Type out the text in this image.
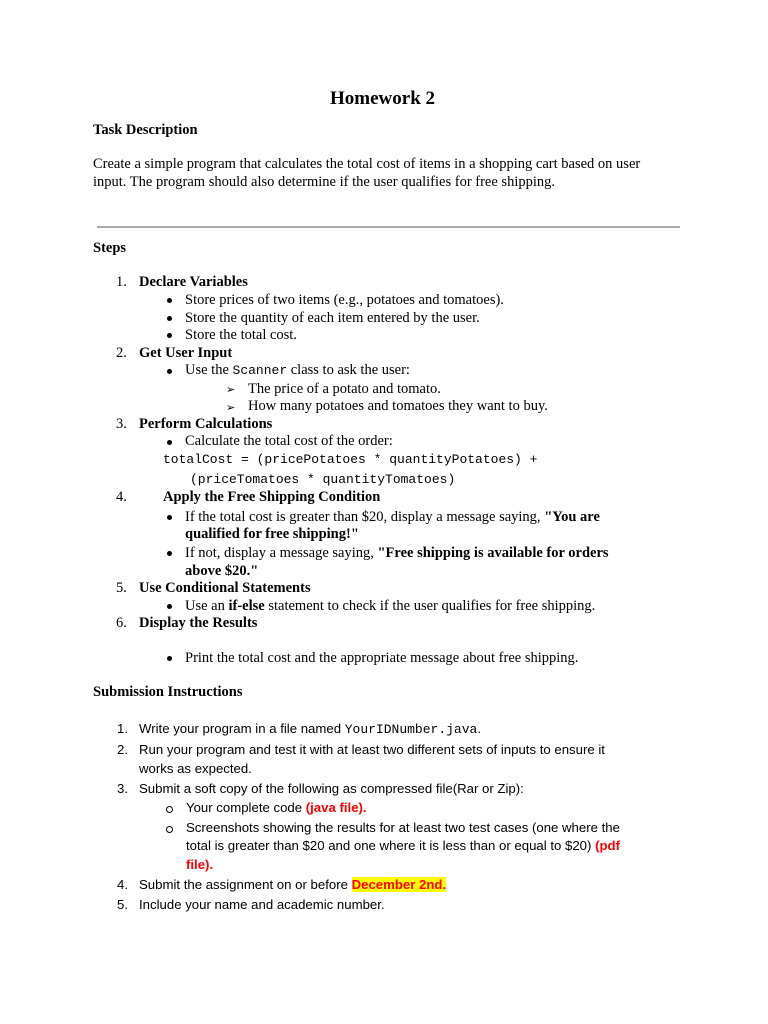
Homework 2
Task Description
Create a simple program that calculates the total cost of items in a shopping cart based on user
input. The program should also determine if the user qualifies for free shipping.
Steps
1. Declare Variables
Store prices of two items (e.g., potatoes and tomatoes).
Store the quantity of each item entered by the user.
Store the total cost.
2. Get User Input
Use the Scanner class to ask the user:
➢ The price of a potato and tomato.
➢ How many potatoes and tomatoes they want to buy.
3. Perform Calculations
Calculate the total cost of the order:
totalCost = (pricePotatoes * quantityPotatoes) +
(priceTomatoes * quantityTomatoes)
4. Apply the Free Shipping Condition
If the total cost is greater than $20, display a message saying, "You are
qualified for free shipping!"
If not, display a message saying, "Free shipping is available for orders
above $20."
5. Use Conditional Statements
Use an if-else statement to check if the user qualifies for free shipping.
6. Display the Results
Print the total cost and the appropriate message about free shipping.
Submission Instructions
1. Write your program in a file named YourIDNumber.java.
2. Run your program and test it with at least two different sets of inputs to ensure it
works as expected.
3. Submit a soft copy of the following as compressed file(Rar or Zip):
Your complete code (java file).
Screenshots showing the results for at least two test cases (one where the
total is greater than $20 and one where it is less than or equal to $20) (pdf
file).
4. Submit the assignment on or before December 2nd.
5. Include your name and academic number.
